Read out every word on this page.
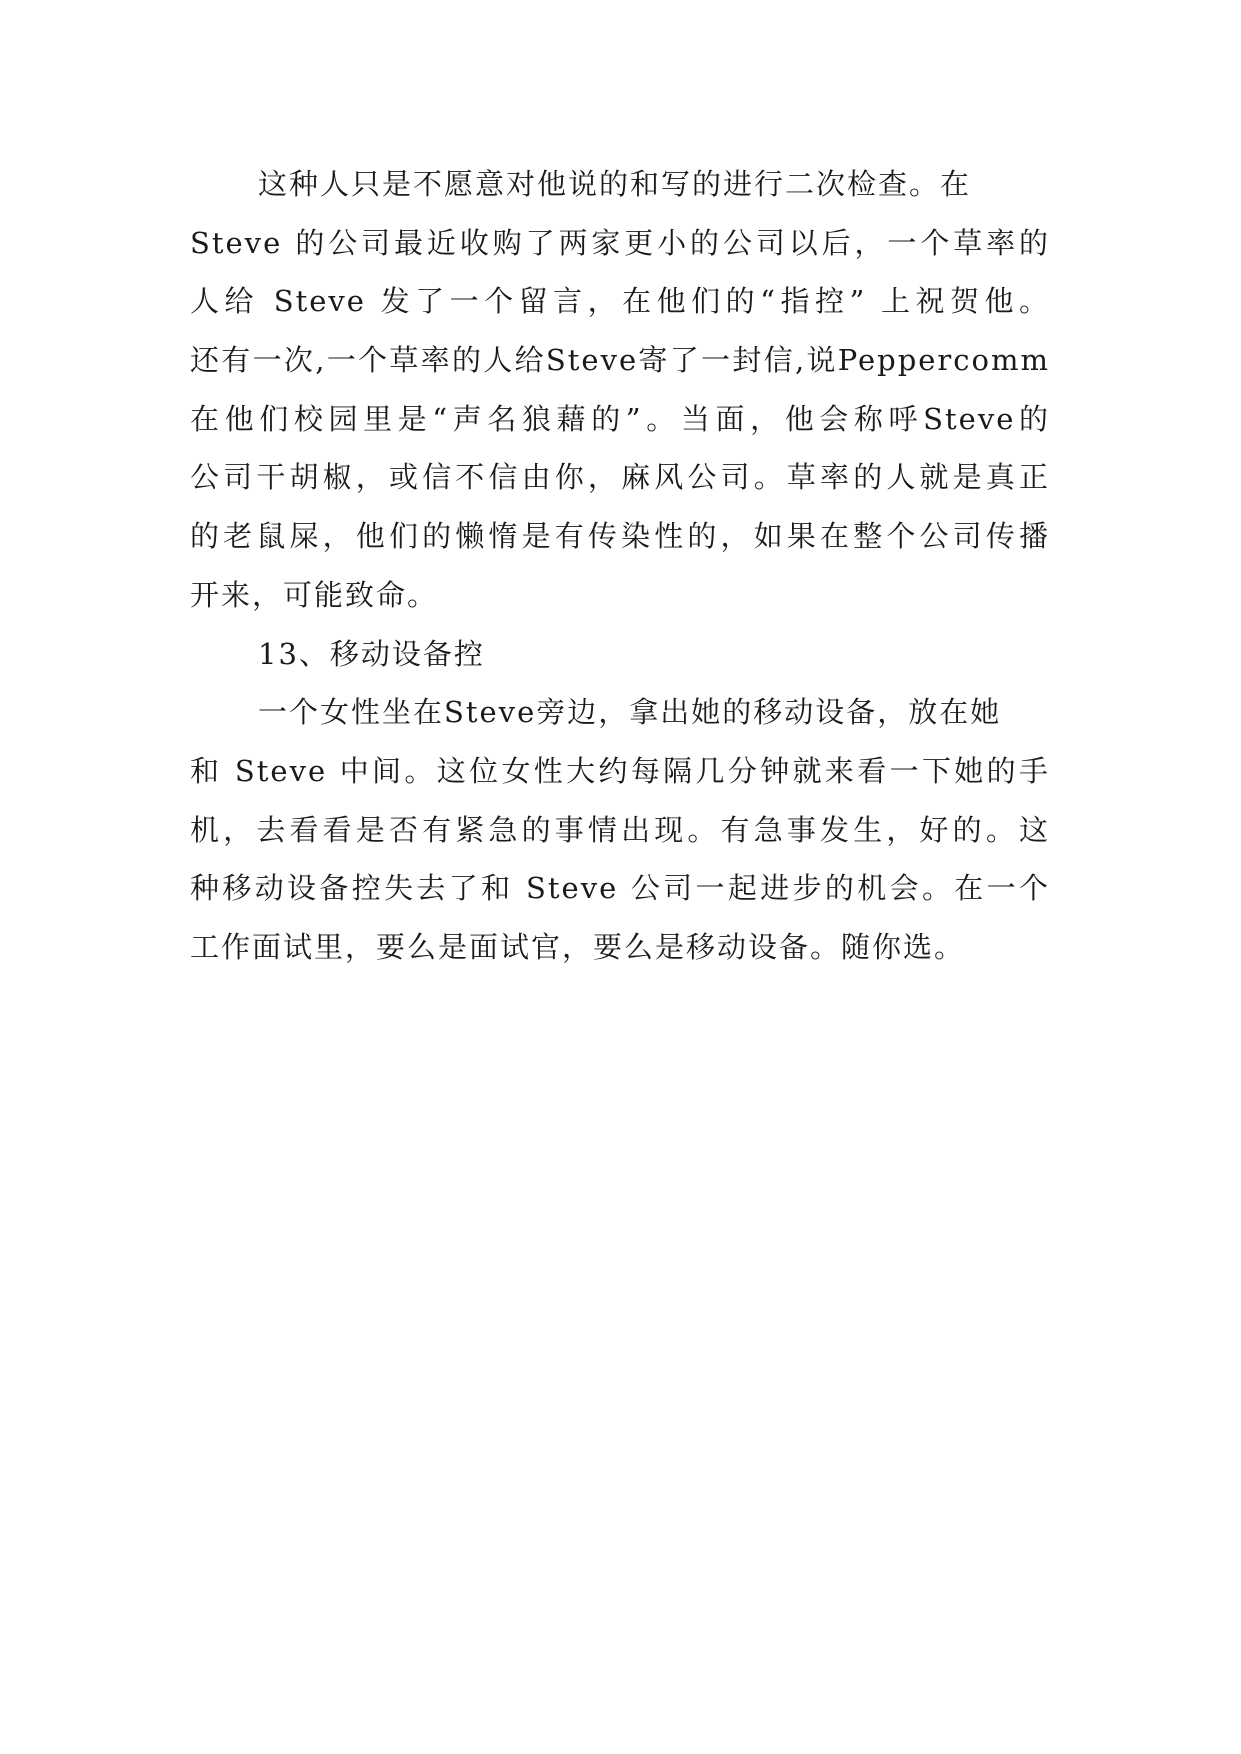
这种人只是不愿意对他说的和写的进行二次检查。在
Steve 的公司最近收购了两家更小的公司以后，一个草率的
人给 Steve 发了一个留言，在他们的“指控” 上祝贺他。
还有一次,一个草率的人给Steve寄了一封信,说Peppercomm
在他们校园里是“声名狼藉的”。当面，他会称呼Steve的
公司干胡椒，或信不信由你，麻风公司。草率的人就是真正
的老鼠屎，他们的懒惰是有传染性的，如果在整个公司传播
开来，可能致命。
13、移动设备控
一个女性坐在Steve旁边，拿出她的移动设备，放在她
和 Steve 中间。这位女性大约每隔几分钟就来看一下她的手
机，去看看是否有紧急的事情出现。有急事发生，好的。这
种移动设备控失去了和 Steve 公司一起进步的机会。在一个
工作面试里，要么是面试官，要么是移动设备。随你选。
